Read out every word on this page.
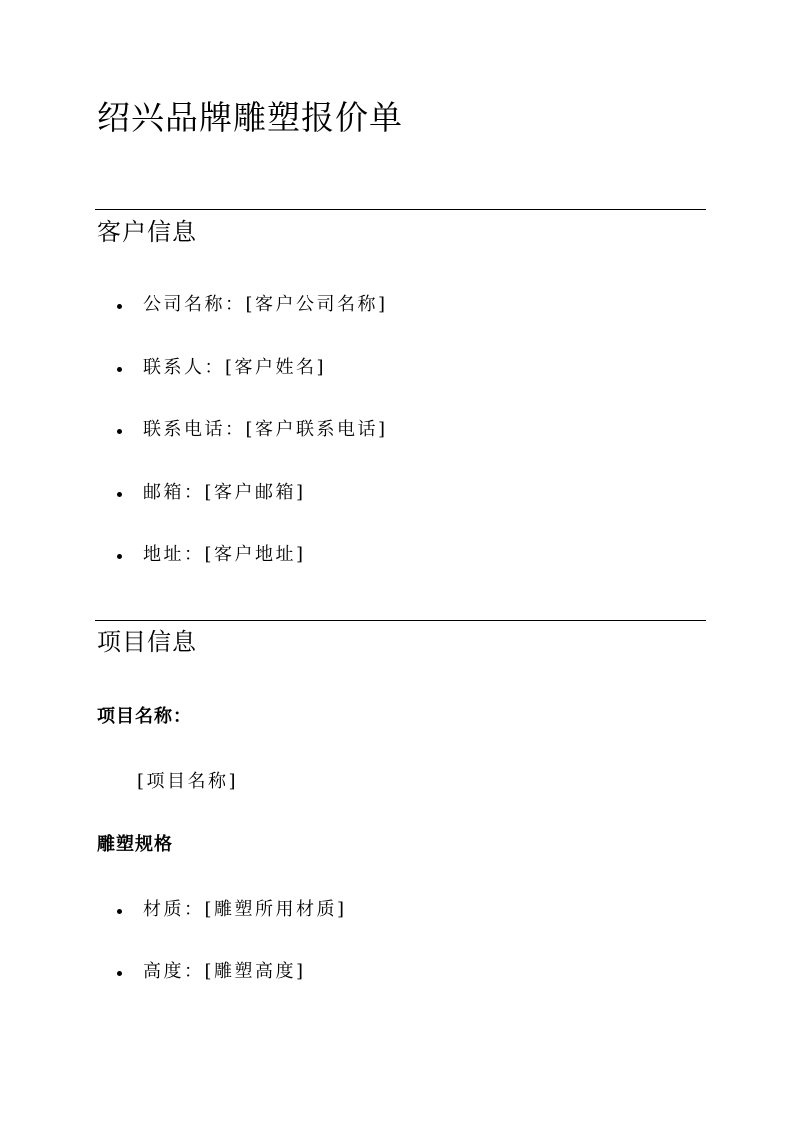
绍兴品牌雕塑报价单
客户信息
公司名称：[客户公司名称]
联系人：[客户姓名]
联系电话：[客户联系电话]
邮箱：[客户邮箱]
地址：[客户地址]
项目信息
项目名称：

[项目名称]

雕塑规格
材质：[雕塑所用材质]
高度：[雕塑高度]
